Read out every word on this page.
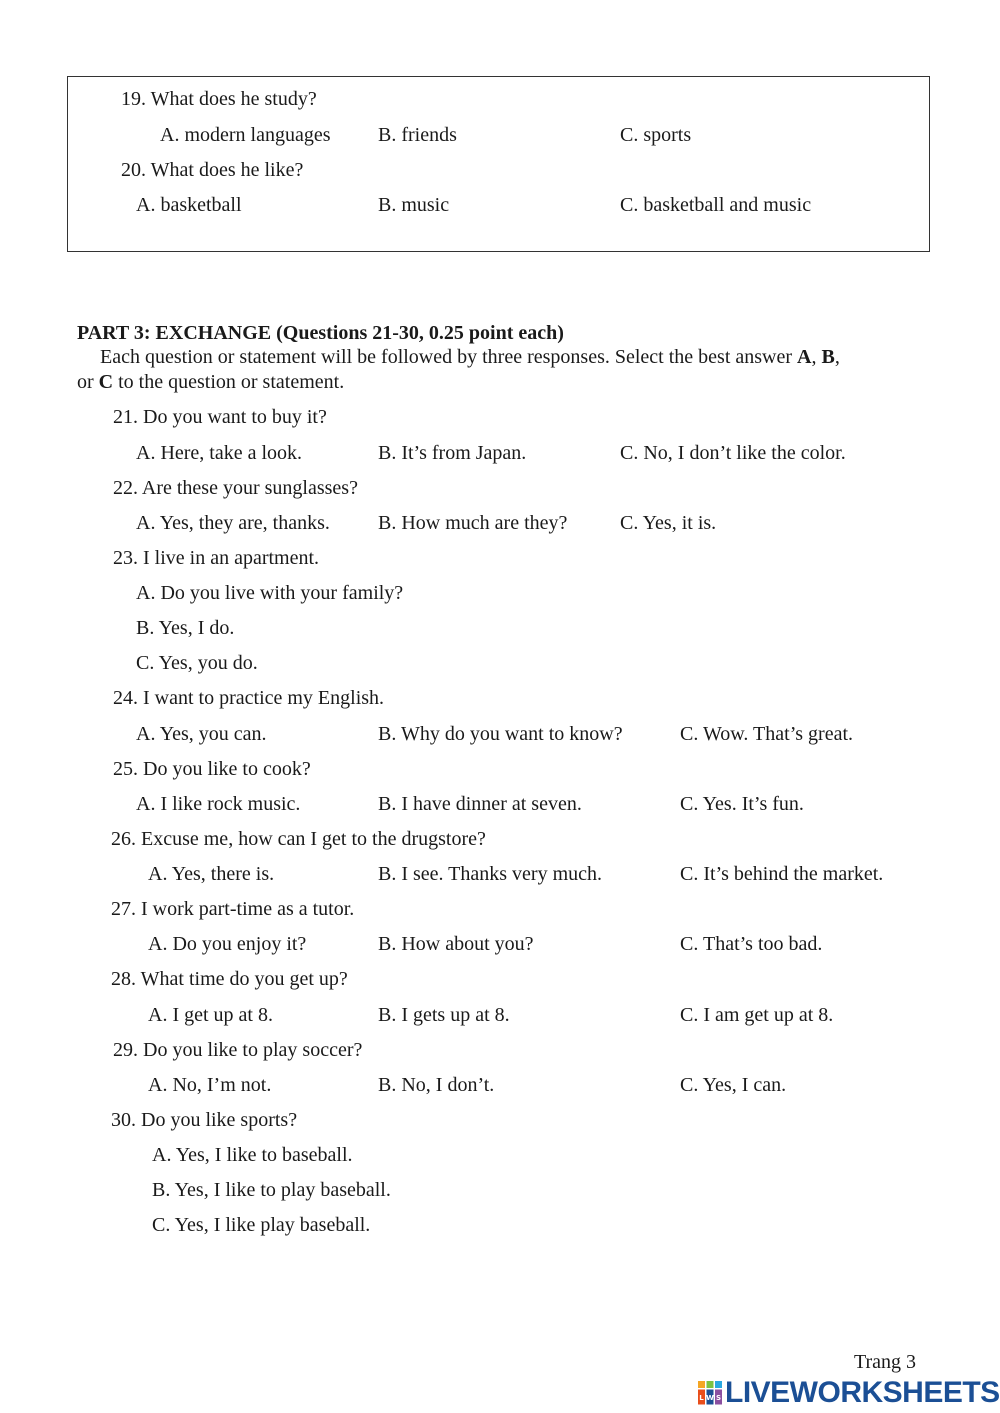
19. What does he study?
A. modern languages B. friends	C. sports
20. What does he like?
A. basketball	B. music	C. basketball and music
PART 3: EXCHANGE (Questions 21-30, 0.25 point each)
Each question or statement will be followed by three responses. Select the best answer A, B,
or C to the question or statement.
21. Do you want to buy it?
A. Here, take a look.	B. It’s from Japan.	C. No, I don’t like the color.
22. Are these your sunglasses?
A. Yes, they are, thanks. B. How much are they?	C. Yes, it is.
23. I live in an apartment.
A. Do you live with your family?
B. Yes, I do.
C. Yes, you do.
24. I want to practice my English.
A. Yes, you can.	B. Why do you want to know?	C. Wow. That’s great.
25. Do you like to cook?
A. I like rock music.	B. I have dinner at seven.	C. Yes. It’s fun.
26. Excuse me, how can I get to the drugstore?
A. Yes, there is.	B. I see. Thanks very much.	C. It’s behind the market.
27. I work part-time as a tutor.
A. Do you enjoy it?	B. How about you?	C. That’s too bad.
28. What time do you get up?
A. I get up at 8.	B. I gets up at 8.	C. I am get up at 8.
29. Do you like to play soccer?
A. No, I’m not.	B. No, I don’t.	C. Yes, I can.
30. Do you like sports?
A. Yes, I like to baseball.
B. Yes, I like to play baseball.
C. Yes, I like play baseball.
Trang 3
L W S LIVEWORKSHEETS
